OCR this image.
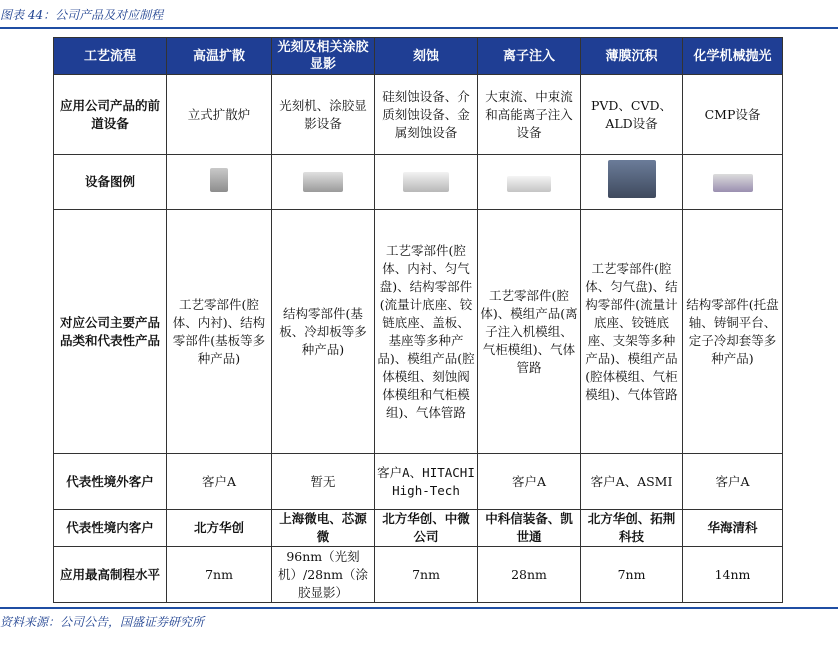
图表 44：公司产品及对应制程
工艺流程	高温扩散	光刻及相关涂胶显影	刻蚀	离子注入	薄膜沉积	化学机械抛光
应用公司产品的前道设备	立式扩散炉	光刻机、涂胶显影设备	硅刻蚀设备、介质刻蚀设备、金属刻蚀设备	大束流、中束流和高能离子注入设备	PVD、CVD、ALD设备	CMP设备
设备图例	

对应公司主要产品品类和代表性产品	工艺零部件(腔体、内衬)、结构零部件(基板等多种产品)	结构零部件(基板、冷却板等多种产品)	工艺零部件(腔体、内衬、匀气盘)、结构零部件(流量计底座、铰链底座、盖板、基座等多种产品)、模组产品(腔体模组、刻蚀阀体模组和气柜模组)、气体管路	工艺零部件(腔体)、模组产品(离子注入机模组、气柜模组)、气体管路	工艺零部件(腔体、匀气盘)、结构零部件(流量计底座、铰链底座、支架等多种产品)、模组产品(腔体模组、气柜模组)、气体管路	结构零部件(托盘轴、铸铜平台、定子冷却套等多种产品)
代表性境外客户	客户A	暂无	客户A、HITACHI High-Tech	客户A	客户A、ASMI	客户A
代表性境内客户	北方华创	上海微电、芯源微	北方华创、中微公司	中科信装备、凯世通	北方华创、拓荆科技	华海清科
应用最高制程水平	7nm	96nm（光刻机）/28nm（涂胶显影）	7nm	28nm	7nm	14nm
资料来源：公司公告，国盛证券研究所
